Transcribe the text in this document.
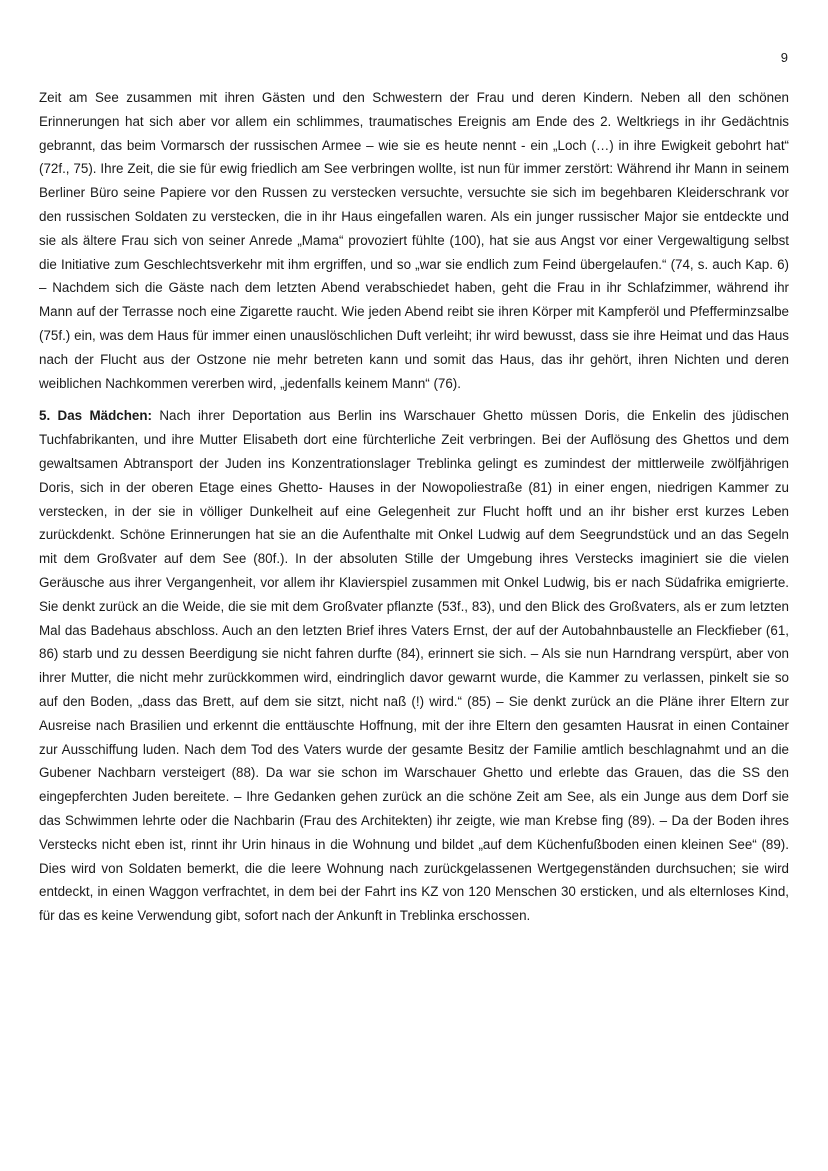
9

Zeit am See zusammen mit ihren Gästen und den Schwestern der Frau und deren Kindern. Neben all den schönen Erinnerungen hat sich aber vor allem ein schlimmes, traumatisches Ereignis am Ende des 2. Weltkriegs in ihr Gedächtnis gebrannt, das beim Vormarsch der russischen Armee – wie sie es heute nennt - ein „Loch (…) in ihre Ewigkeit gebohrt hat“ (72f., 75). Ihre Zeit, die sie für ewig friedlich am See verbringen wollte, ist nun für immer zerstört: Während ihr Mann in seinem Berliner Büro seine Papiere vor den Russen zu verstecken versuchte, versuchte sie sich im begehbaren Kleiderschrank vor den russischen Soldaten zu verstecken, die in ihr Haus eingefallen waren. Als ein junger russischer Major sie entdeckte und sie als ältere Frau sich von seiner Anrede „Mama“ provoziert fühlte (100), hat sie aus Angst vor einer Vergewaltigung selbst die Initiative zum Geschlechtsverkehr mit ihm ergriffen, und so „war sie endlich zum Feind übergelaufen.“ (74, s. auch Kap. 6) – Nachdem sich die Gäste nach dem letzten Abend verabschiedet haben, geht die Frau in ihr Schlafzimmer, während ihr Mann auf der Terrasse noch eine Zigarette raucht. Wie jeden Abend reibt sie ihren Körper mit Kampferöl und Pfefferminzsalbe (75f.) ein, was dem Haus für immer einen unauslöschlichen Duft verleiht; ihr wird bewusst, dass sie ihre Heimat und das Haus nach der Flucht aus der Ostzone nie mehr betreten kann und somit das Haus, das ihr gehört, ihren Nichten und deren weiblichen Nachkommen vererben wird, „jedenfalls keinem Mann“ (76).

5. Das Mädchen: Nach ihrer Deportation aus Berlin ins Warschauer Ghetto müssen Doris, die Enkelin des jüdischen Tuchfabrikanten, und ihre Mutter Elisabeth dort eine fürchterliche Zeit verbringen. Bei der Auflösung des Ghettos und dem gewaltsamen Abtransport der Juden ins Konzentrationslager Treblinka gelingt es zumindest der mittlerweile zwölfjährigen Doris, sich in der oberen Etage eines Ghetto- Hauses in der Nowopoliestraße (81) in einer engen, niedrigen Kammer zu verstecken, in der sie in völliger Dunkelheit auf eine Gelegenheit zur Flucht hofft und an ihr bisher erst kurzes Leben zurückdenkt. Schöne Erinnerungen hat sie an die Aufenthalte mit Onkel Ludwig auf dem Seegrundstück und an das Segeln mit dem Großvater auf dem See (80f.). In der absoluten Stille der Umgebung ihres Verstecks imaginiert sie die vielen Geräusche aus ihrer Vergangenheit, vor allem ihr Klavierspiel zusammen mit Onkel Ludwig, bis er nach Südafrika emigrierte. Sie denkt zurück an die Weide, die sie mit dem Großvater pflanzte (53f., 83), und den Blick des Großvaters, als er zum letzten Mal das Badehaus abschloss. Auch an den letzten Brief ihres Vaters Ernst, der auf der Autobahnbaustelle an Fleckfieber (61, 86) starb und zu dessen Beerdigung sie nicht fahren durfte (84), erinnert sie sich. – Als sie nun Harndrang verspürt, aber von ihrer Mutter, die nicht mehr zurückkommen wird, eindringlich davor gewarnt wurde, die Kammer zu verlassen, pinkelt sie so auf den Boden, „dass das Brett, auf dem sie sitzt, nicht naß (!) wird.“ (85) – Sie denkt zurück an die Pläne ihrer Eltern zur Ausreise nach Brasilien und erkennt die enttäuschte Hoffnung, mit der ihre Eltern den gesamten Hausrat in einen Container zur Ausschiffung luden. Nach dem Tod des Vaters wurde der gesamte Besitz der Familie amtlich beschlagnahmt und an die Gubener Nachbarn versteigert (88). Da war sie schon im Warschauer Ghetto und erlebte das Grauen, das die SS den eingepferchten Juden bereitete. – Ihre Gedanken gehen zurück an die schöne Zeit am See, als ein Junge aus dem Dorf sie das Schwimmen lehrte oder die Nachbarin (Frau des Architekten) ihr zeigte, wie man Krebse fing (89). – Da der Boden ihres Verstecks nicht eben ist, rinnt ihr Urin hinaus in die Wohnung und bildet „auf dem Küchenfußboden einen kleinen See“ (89). Dies wird von Soldaten bemerkt, die die leere Wohnung nach zurückgelassenen Wertgegenständen durchsuchen; sie wird entdeckt, in einen Waggon verfrachtet, in dem bei der Fahrt ins KZ von 120 Menschen 30 ersticken, und als elternloses Kind, für das es keine Verwendung gibt, sofort nach der Ankunft in Treblinka erschossen.
